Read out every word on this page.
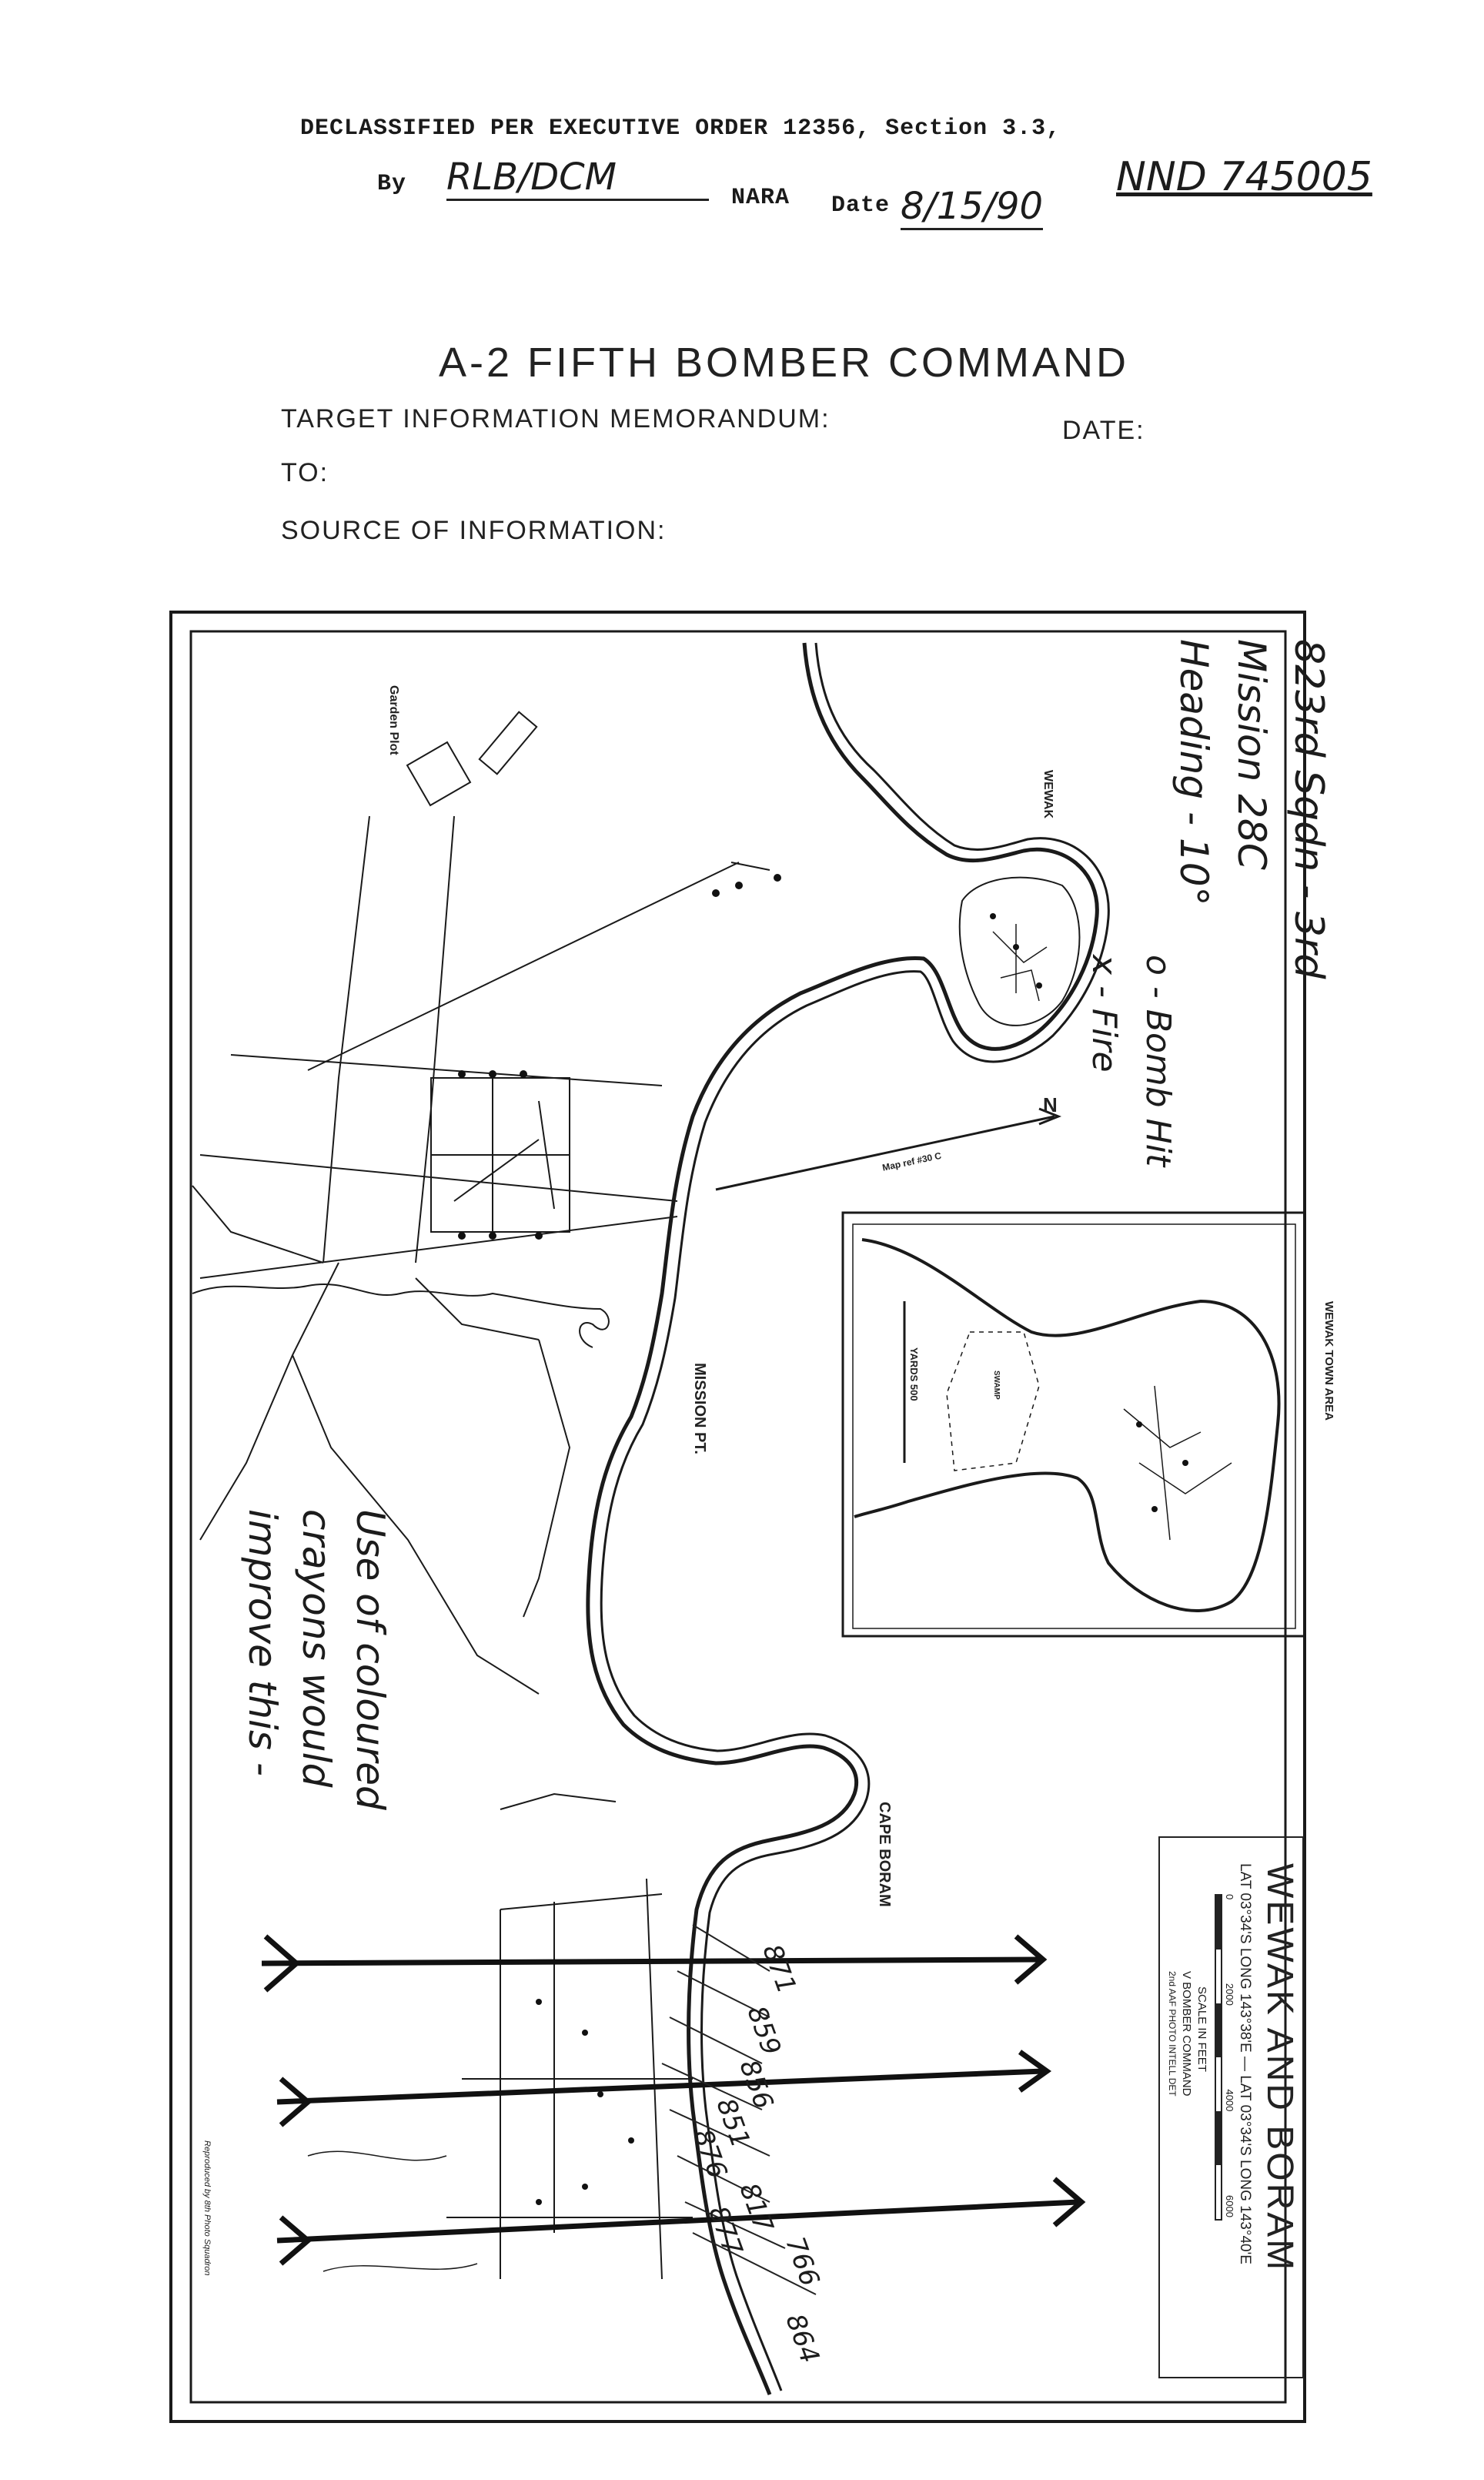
DECLASSIFIED PER EXECUTIVE ORDER 12356, Section 3.3,
NND 745005
By RLB/DCM	NARA Date 8/15/90
A-2 FIFTH BOMBER COMMAND
TARGET INFORMATION MEMORANDUM:	DATE:
TO:
SOURCE OF INFORMATION:
823rd Sqdn - 3rd
Mission 28C
Heading - 10°
o - Bomb Hit
x - Fire
Use of coloured
crayons would
improve this -
871
859
856
851
876
817
877
766
864
WEWAK
Garden Plot
MISSION PT.
CAPE BORAM
Map ref #30 C
N
WEWAK TOWN AREA
SWAMP
YARDS 500
WEWAK AND BORAM
LAT 03°34'S LONG 143°38'E — LAT 03°34'S LONG 143°40'E
0
2000
4000
6000
SCALE IN FEET
V BOMBER COMMAND
2nd AAF PHOTO INTELL DET
Reproduced by 8th Photo Squadron
